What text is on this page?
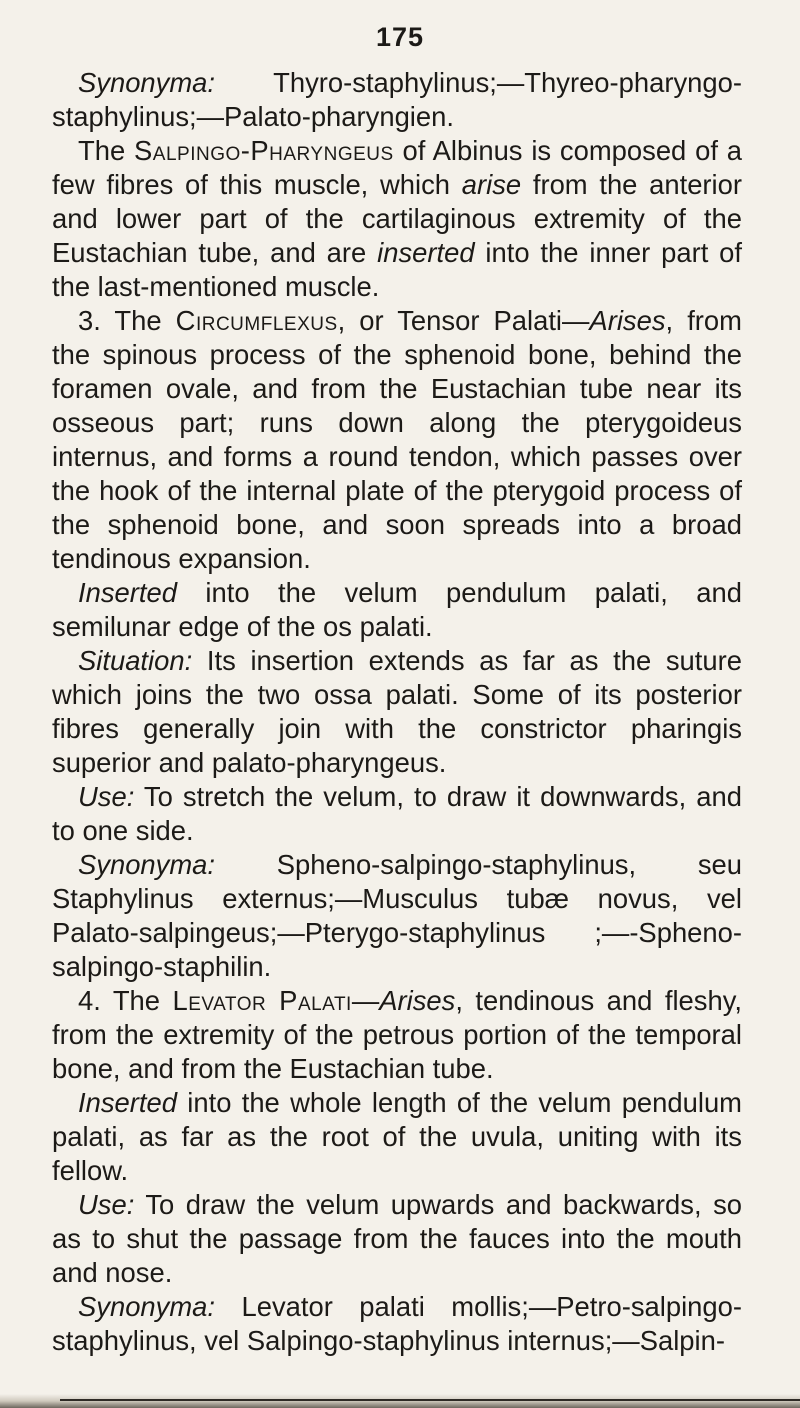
175

Synonyma: Thyro-staphylinus;—Thyreo-pharyngo-staphylinus;—Palato-pharyngien.

The Salpingo-Pharyngeus of Albinus is composed of a few fibres of this muscle, which arise from the anterior and lower part of the cartilaginous extremity of the Eustachian tube, and are inserted into the inner part of the last-mentioned muscle.

3. The Circumflexus, or Tensor Palati—Arises, from the spinous process of the sphenoid bone, behind the foramen ovale, and from the Eustachian tube near its osseous part; runs down along the pterygoideus internus, and forms a round tendon, which passes over the hook of the internal plate of the pterygoid process of the sphenoid bone, and soon spreads into a broad tendinous expansion.

Inserted into the velum pendulum palati, and semilunar edge of the os palati.

Situation: Its insertion extends as far as the suture which joins the two ossa palati. Some of its posterior fibres generally join with the constrictor pharingis superior and palato-pharyngeus.

Use: To stretch the velum, to draw it downwards, and to one side.

Synonyma: Spheno-salpingo-staphylinus, seu Staphylinus externus;—Musculus tubæ novus, vel Palato-salpingeus;—Pterygo-staphylinus ;—-Spheno-salpingo-staphilin.

4. The Levator Palati—Arises, tendinous and fleshy, from the extremity of the petrous portion of the temporal bone, and from the Eustachian tube.

Inserted into the whole length of the velum pendulum palati, as far as the root of the uvula, uniting with its fellow.

Use: To draw the velum upwards and backwards, so as to shut the passage from the fauces into the mouth and nose.

Synonyma: Levator palati mollis;—Petro-salpingo-staphylinus, vel Salpingo-staphylinus internus;—Salpin-
